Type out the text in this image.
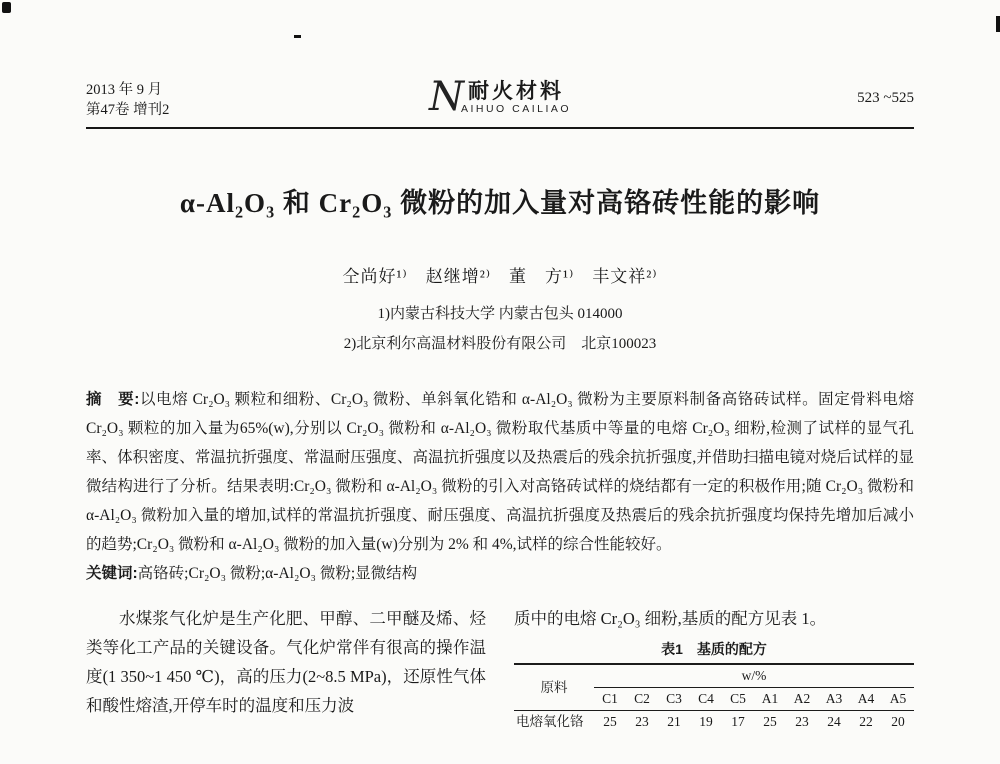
2013 年 9 月
第47卷 增刊2	N 耐火材料
AIHUO CAILIAO
523 ~525
α-Al₂O₃ 和 Cr₂O₃ 微粉的加入量对高铬砖性能的影响
仝尚好¹⁾　赵继增²⁾　董　方¹⁾　丰文祥²⁾
1)内蒙古科技大学 内蒙古包头 014000
2)北京利尔高温材料股份有限公司　北京100023

摘　要:以电熔 Cr₂O₃ 颗粒和细粉、Cr₂O₃ 微粉、单斜氧化锆和 α-Al₂O₃ 微粉为主要原料制备高铬砖试样。固定骨料电熔 Cr₂O₃ 颗粒的加入量为65%(w),分别以 Cr₂O₃ 微粉和 α-Al₂O₃ 微粉取代基质中等量的电熔 Cr₂O₃ 细粉,检测了试样的显气孔率、体积密度、常温抗折强度、常温耐压强度、高温抗折强度以及热震后的残余抗折强度,并借助扫描电镜对烧后试样的显微结构进行了分析。结果表明:Cr₂O₃ 微粉和 α-Al₂O₃ 微粉的引入对高铬砖试样的烧结都有一定的积极作用;随 Cr₂O₃ 微粉和 α-Al₂O₃ 微粉加入量的增加,试样的常温抗折强度、耐压强度、高温抗折强度及热震后的残余抗折强度均保持先增加后减小的趋势;Cr₂O₃ 微粉和 α-Al₂O₃ 微粉的加入量(w)分别为 2% 和 4%,试样的综合性能较好。

关键词:高铬砖;Cr₂O₃ 微粉;α-Al₂O₃ 微粉;显微结构

水煤浆气化炉是生产化肥、甲醇、二甲醚及烯、烃类等化工产品的关键设备。气化炉常伴有很高的操作温度(1 350~1 450 ℃)，高的压力(2~8.5 MPa)，还原性气体和酸性熔渣,开停车时的温度和压力波

质中的电熔 Cr₂O₃ 细粉,基质的配方见表 1。

表1　基质的配方
原料	w/%									
	C1	C2	C3	C4	C5	A1	A2	A3	A4	A5
电熔氧化铬	25	23	21	19	17	25	23	24	22	20
